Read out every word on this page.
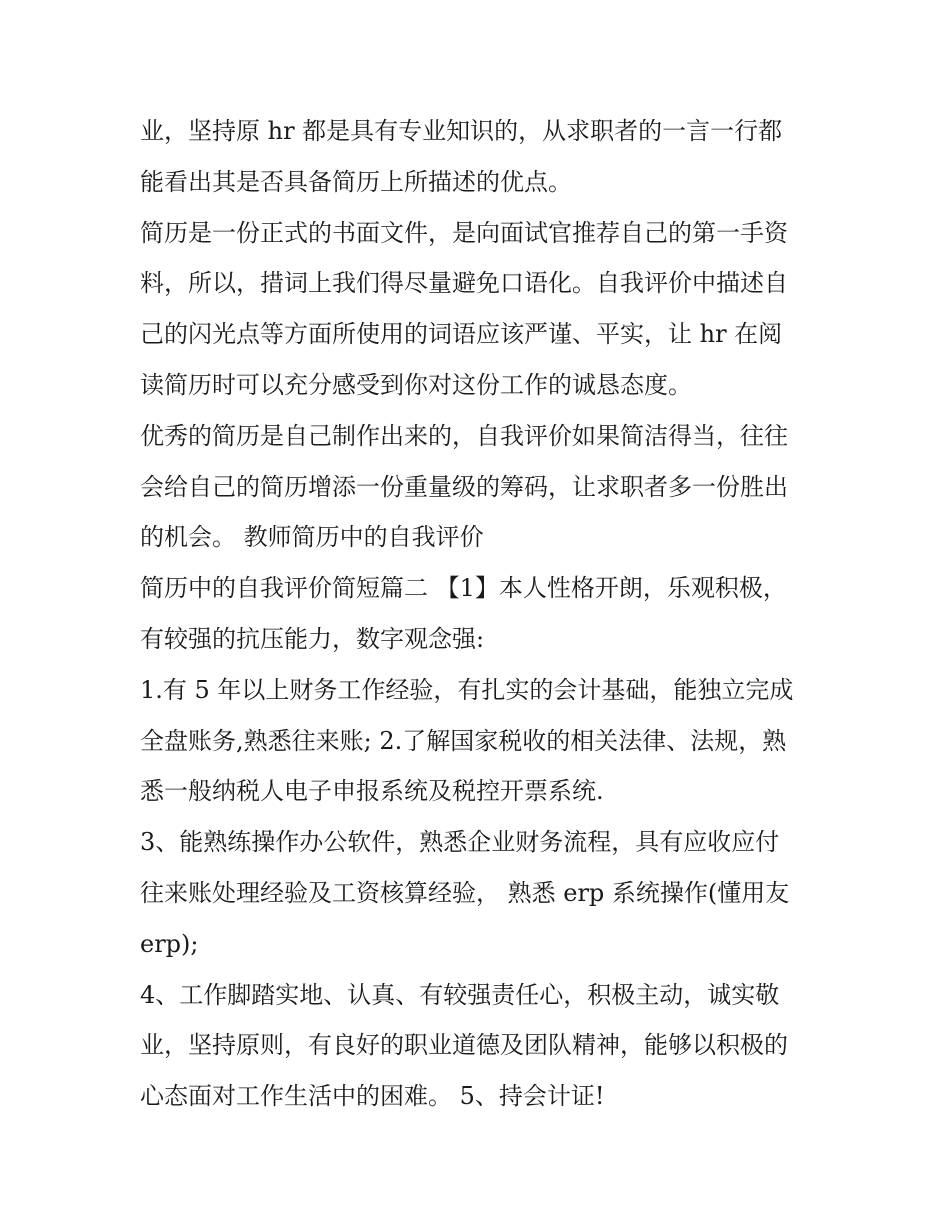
业，坚持原 hr 都是具有专业知识的，从求职者的一言一行都
能看出其是否具备简历上所描述的优点。
简历是一份正式的书面文件，是向面试官推荐自己的第一手资
料，所以，措词上我们得尽量避免口语化。自我评价中描述自
己的闪光点等方面所使用的词语应该严谨、平实，让 hr 在阅
读简历时可以充分感受到你对这份工作的诚恳态度。
优秀的简历是自己制作出来的，自我评价如果简洁得当，往往
会给自己的简历增添一份重量级的筹码，让求职者多一份胜出
的机会。 教师简历中的自我评价
简历中的自我评价简短篇二 【1】本人性格开朗，乐观积极，
有较强的抗压能力，数字观念强:
1.有 5 年以上财务工作经验，有扎实的会计基础，能独立完成
全盘账务,熟悉往来账; 2.了解国家税收的相关法律、法规，熟
悉一般纳税人电子申报系统及税控开票系统.
3、能熟练操作办公软件，熟悉企业财务流程，具有应收应付
往来账处理经验及工资核算经验， 熟悉 erp 系统操作(懂用友
erp);
4、工作脚踏实地、认真、有较强责任心，积极主动，诚实敬
业，坚持原则，有良好的职业道德及团队精神，能够以积极的
心态面对工作生活中的困难。 5、持会计证!
